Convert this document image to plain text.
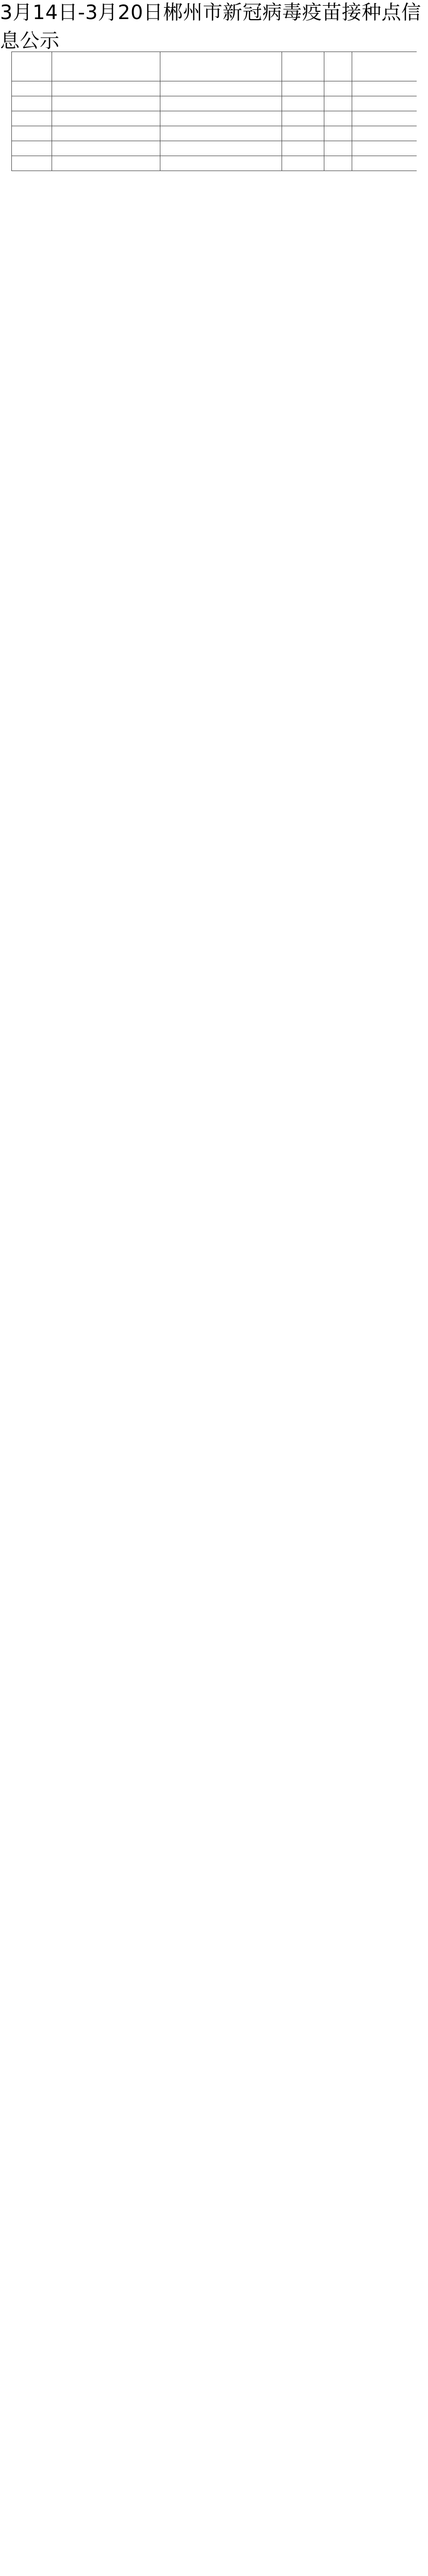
3月14日-3月20日郴州市新冠病毒疫苗接种点信息公示
